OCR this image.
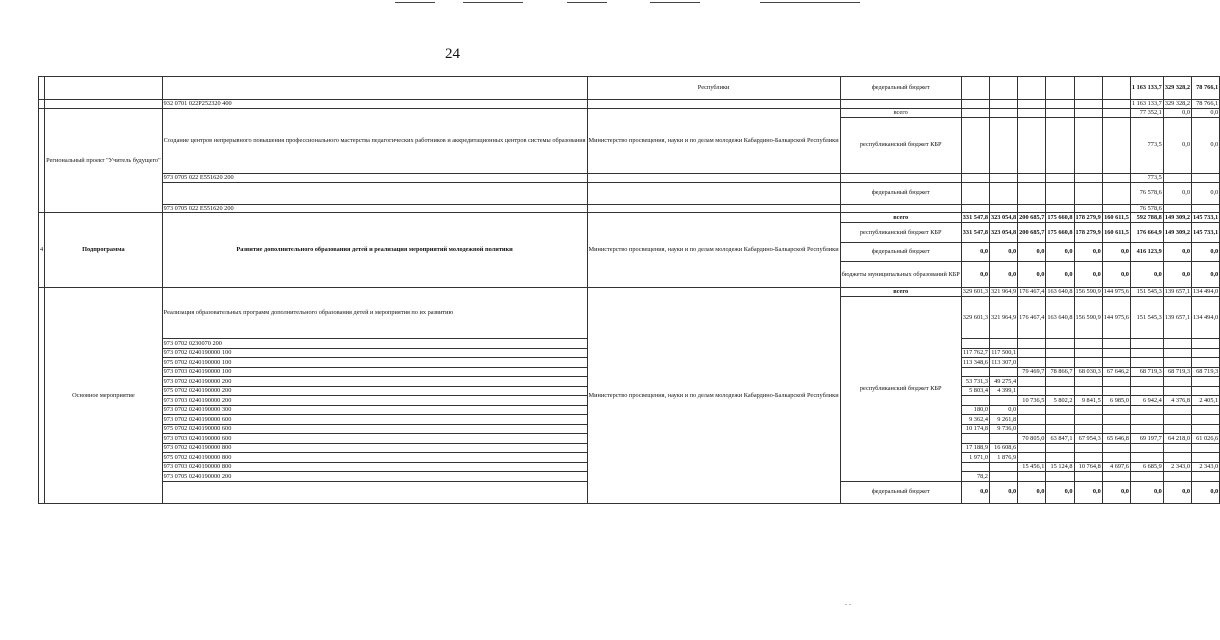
24
			Республики	федеральный бюджет							1 163 133,7	329 328,2	78 766,1
		932 0701 022P252320 400									1 163 133,7	329 328,2	78 766,1
	Региональный проект "Учитель будущего"	Создание центров непрерывного повышения профессионального мастерства педагогических работников и аккредитационных центров системы образования	Министерство просвещения, науки и по делам молодежи Кабардино-Балкарской Республики	всего							77 352,1	0,0	0,0
				республиканский бюджет КБР							773,5	0,0	0,0
		973 0705 022 E551620 200									773,5		
				федеральный бюджет							76 578,6	0,0	0,0
		973 0705 022 E551620 200									76 578,6		
4	Подпрограмма	Развитие дополнительного образования детей и реализация мероприятий молодежной политики	Министерство просвещения, науки и по делам молодежи Кабардино-Балкарской Республики	всего	331 547,8	323 054,8	200 685,7	175 660,8	178 279,9	160 611,5	592 788,8	149 309,2	145 733,1
				республиканский бюджет КБР	331 547,8	323 054,8	200 685,7	175 660,8	178 279,9	160 611,5	176 664,9	149 309,2	145 733,1
				федеральный бюджет	0,0	0,0	0,0	0,0	0,0	0,0	416 123,9	0,0	0,0
				бюджеты муниципальных образований КБР	0,0	0,0	0,0	0,0	0,0	0,0	0,0	0,0	0,0
	Основное мероприятие	Реализация образовательных программ дополнительного образования детей и мероприятия по их развитию	Министерство просвещения, науки и по делам молодежи Кабардино-Балкарской Республики	всего	329 601,3	321 964,9	176 467,4	163 640,8	156 590,9	144 975,6	151 545,3	139 657,1	134 494,0
				республиканский бюджет КБР	329 601,3	321 964,9	176 467,4	163 640,8	156 590,9	144 975,6	151 545,3	139 657,1	134 494,0
		973 0702 0230070 200											
		973 0702 0240190000 100			117 762,7	117 500,1							
		975 0702 0240190000 100			113 348,6	113 307,0							
		973 0703 0240190000 100					79 469,7	78 866,7	68 030,3	67 646,2	68 719,3	68 719,3	68 719,3
		973 0702 0240190000 200			53 731,3	49 275,4							
		975 0702 0240190000 200			5 803,4	4 399,1							
		973 0703 0240190000 200					10 736,5	5 802,2	9 841,5	6 985,0	6 942,4	4 376,8	2 405,1
		973 0702 0240190000 300			180,0	0,0							
		973 0702 0240190000 600			9 362,4	9 261,8							
		975 0702 0240190000 600			10 174,8	9 736,0							
		973 0703 0240190000 600					70 805,0	63 847,1	67 954,3	65 646,8	69 197,7	64 218,0	61 026,6
		973 0702 0240190000 800			17 188,9	16 608,6							
		975 0702 0240190000 800			1 971,0	1 876,9							
		973 0703 0240190000 800					15 456,1	15 124,8	10 764,8	4 697,6	6 685,9	2 343,0	2 343,0
		973 0705 0240190000 200			78,2								
				федеральный бюджет	0,0	0,0	0,0	0,0	0,0	0,0	0,0	0,0	0,0
. .
